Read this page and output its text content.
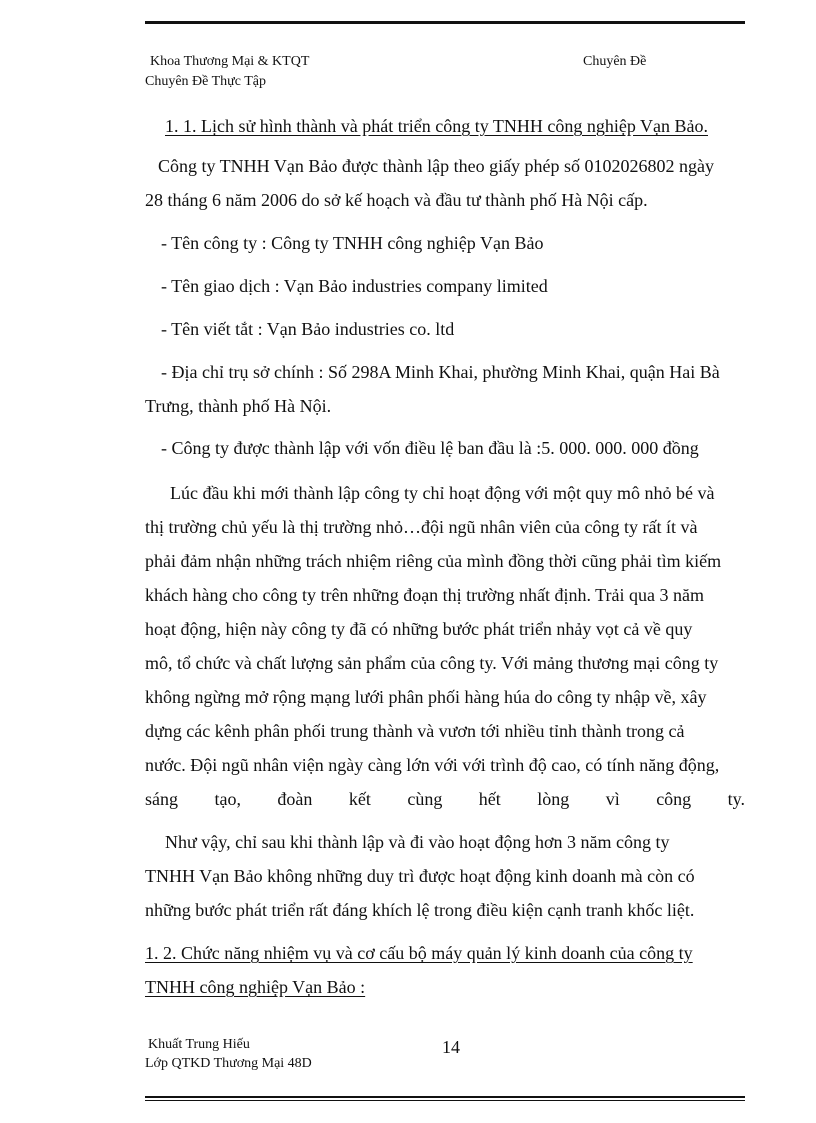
Khoa Thương Mại & KTQT
Chuyên Đề Thực Tập
Chuyên Đề
1. 1. Lịch sử hình thành và phát triển công ty TNHH công nghiệp Vạn Bảo.
Công ty TNHH Vạn Bảo được thành lập theo giấy phép số 0102026802 ngày
28 tháng 6 năm 2006 do sở kế hoạch và đầu tư thành phố Hà Nội cấp.
- Tên công ty : Công ty TNHH công nghiệp Vạn Bảo
- Tên giao dịch : Vạn Bảo industries company limited
- Tên viết tắt : Vạn Bảo industries co. ltd
- Địa chỉ trụ sở chính : Số 298A Minh Khai, phường Minh Khai, quận Hai Bà
Trưng, thành phố Hà Nội.
- Công ty được thành lập với vốn điều lệ ban đầu là :5. 000. 000. 000 đồng
Lúc đầu khi mới thành lập công ty chỉ hoạt động với một quy mô nhỏ bé và
thị trường chủ yếu là thị trường nhỏ…đội ngũ nhân viên của công ty rất ít và
phải đảm nhận những trách nhiệm riêng của mình đồng thời cũng phải tìm kiếm
khách hàng cho công ty trên những đoạn thị trường nhất định. Trải qua 3 năm
hoạt động, hiện này công ty đã có những bước phát triển nhảy vọt cả về quy
mô, tổ chức và chất lượng sản phẩm của công ty. Với mảng thương mại công ty
không ngừng mở rộng mạng lưới phân phối hàng húa do công ty nhập về, xây
dựng các kênh phân phối trung thành và vươn tới nhiều tỉnh thành trong cả
nước. Đội ngũ nhân viện ngày càng lớn với với trình độ cao, có tính năng động,
sáng tạo, đoàn kết cùng hết lòng vì công ty.
Như vậy, chỉ sau khi thành lập và đi vào hoạt động hơn 3 năm công ty
TNHH Vạn Bảo không những duy trì được hoạt động kinh doanh mà còn có
những bước phát triển rất đáng khích lệ trong điều kiện cạnh tranh khốc liệt.
1. 2. Chức năng nhiệm vụ và cơ cấu bộ máy quản lý kinh doanh của công ty
TNHH công nghiệp Vạn Bảo :
Khuất Trung Hiếu
Lớp QTKD Thương Mại 48D
14
